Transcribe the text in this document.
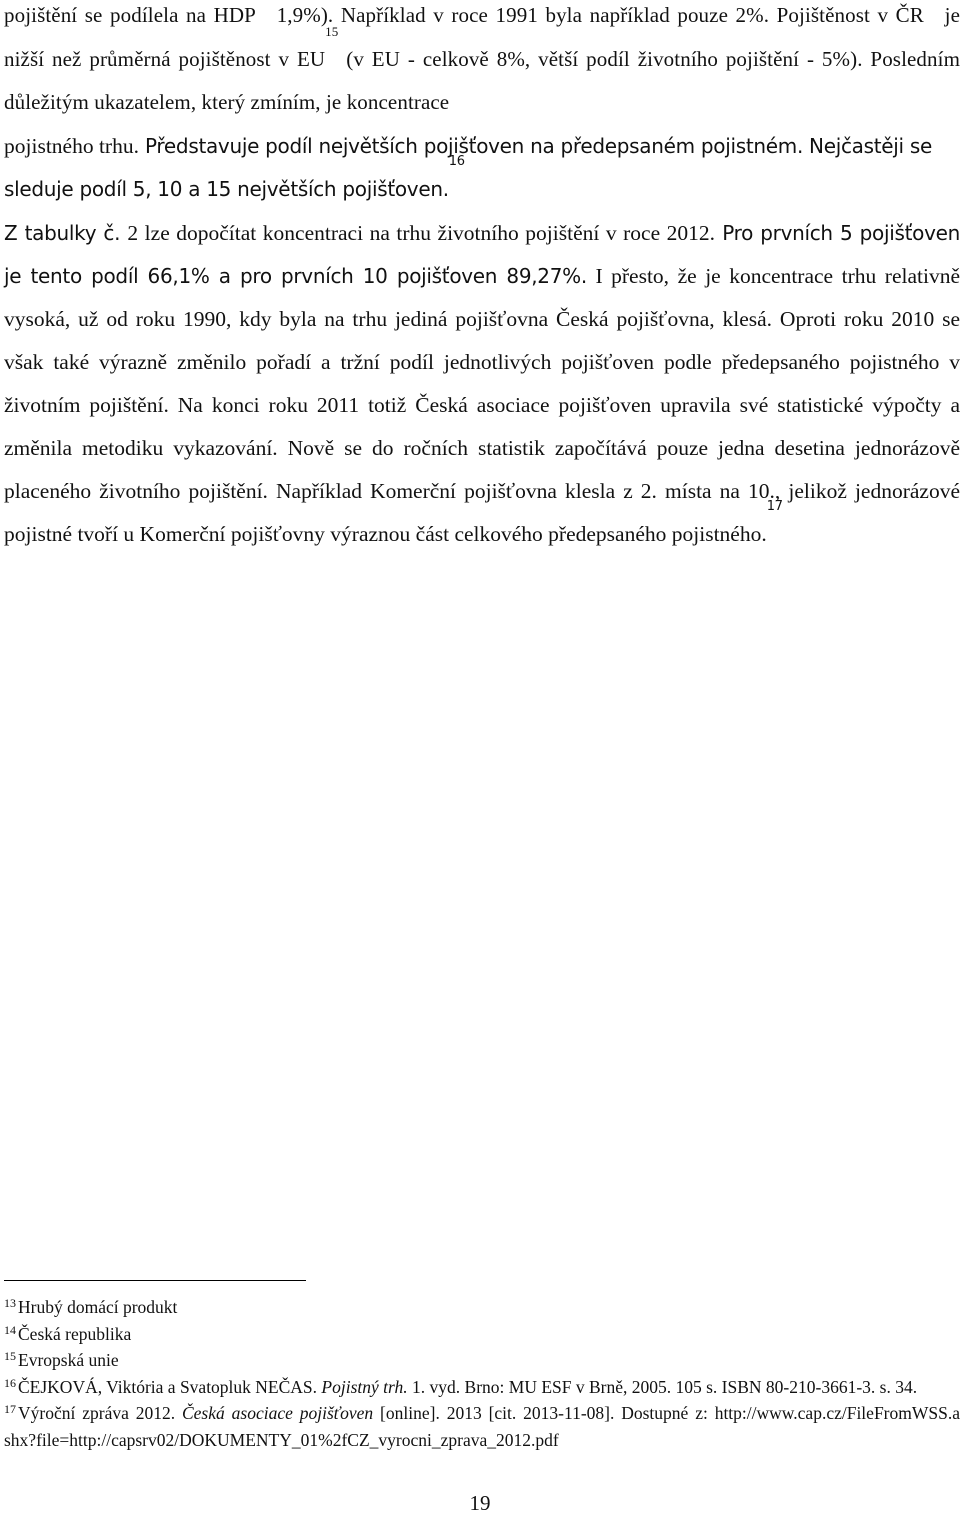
pojištění se podílela na HDP 1,9%). Například v roce 1991 byla například pouze 2%. Pojištěnost v ČR je nižší než průměrná pojištěnost v EU$^{15}$ (v EU - celkově 8%, větší podíl životního pojištění - 5%). Posledním důležitým ukazatelem, který zmíním, je koncentrace

pojistného trhu. Představuje podíl největších pojišťoven na předepsaném pojistném. Nejčastěji se sleduje podíl 5, 10 a 15 největších pojišťoven.$^{16}$

Z tabulky č. 2 lze dopočítat koncentraci na trhu životního pojištění v roce 2012. Pro prvních 5 pojišťoven je tento podíl 66,1% a pro prvních 10 pojišťoven 89,27%. I přesto, že je koncentrace trhu relativně vysoká, už od roku 1990, kdy byla na trhu jediná pojišťovna Česká pojišťovna, klesá. Oproti roku 2010 se však také výrazně změnilo pořadí a tržní podíl jednotlivých pojišťoven podle předepsaného pojistného v životním pojištění. Na konci roku 2011 totiž Česká asociace pojišťoven upravila své statistické výpočty a změnila metodiku vykazování. Nově se do ročních statistik započítává pouze jedna desetina jednorázově placeného životního pojištění. Například Komerční pojišťovna klesla z 2. místa na 10., jelikož jednorázové pojistné tvoří u Komerční pojišťovny výraznou část celkového předepsaného pojistného.$^{17}$

$^{13}$ Hrubý domácí produkt

$^{14}$ Česká republika

$^{15}$ Evropská unie

$^{16}$ ČEJKOVÁ, Viktória a Svatopluk NEČAS. Pojistný trh. 1. vyd. Brno: MU ESF v Brně, 2005. 105 s. ISBN 80-210-3661-3. s. 34.

$^{17}$ Výroční zpráva 2012. Česká asociace pojišťoven [online]. 2013 [cit. 2013-11-08]. Dostupné z: http://www.cap.cz/FileFromWSS.ashx?file=http://capsrv02/DOKUMENTY_01%2fCZ_vyrocni_zprava_2012.pdf

19
